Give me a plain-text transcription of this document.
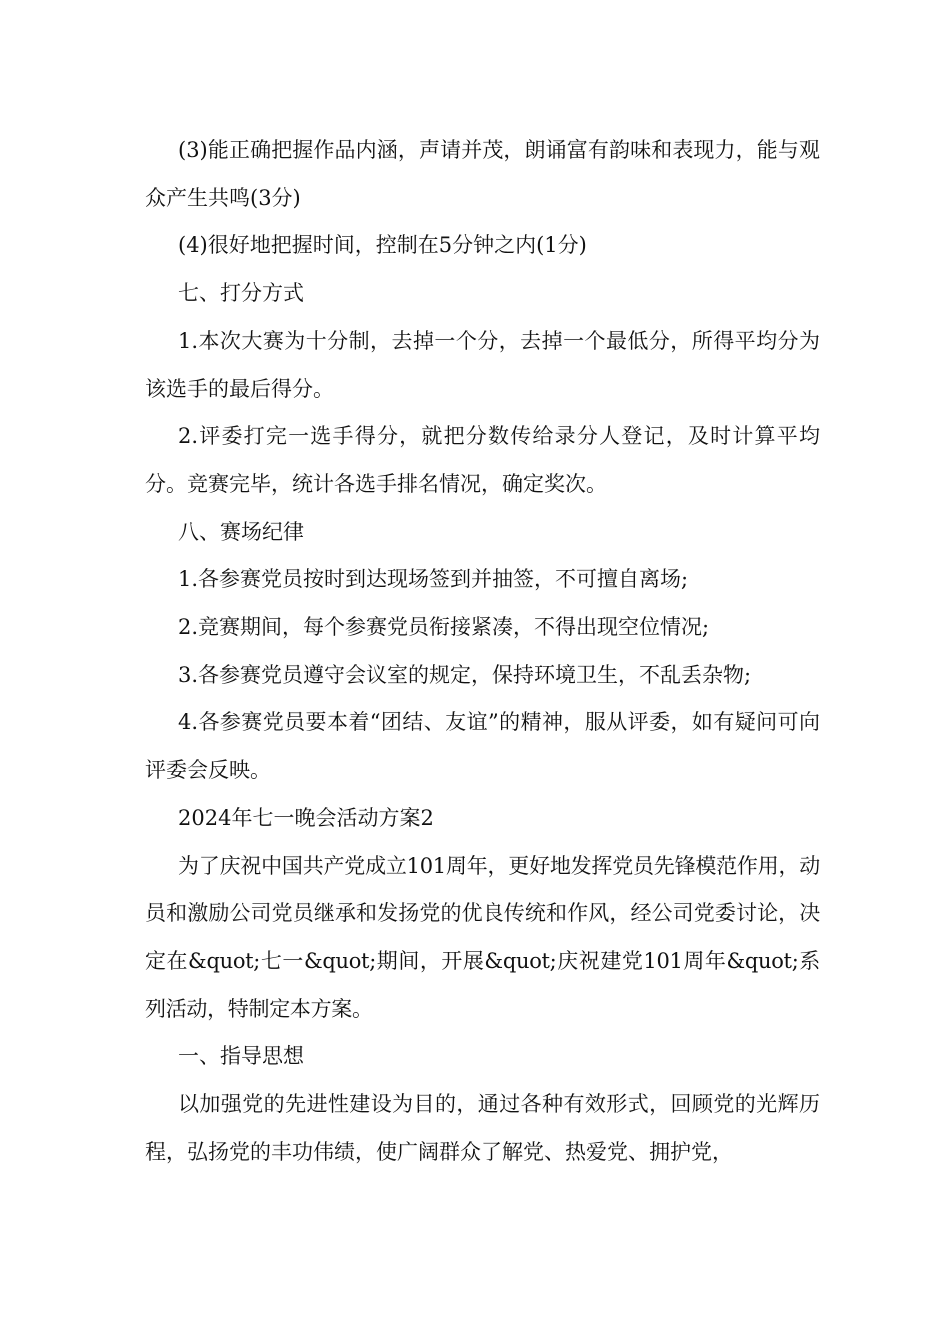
(3)能正确把握作品内涵，声请并茂，朗诵富有韵味和表现力，能与观众产生共鸣(3分)

(4)很好地把握时间，控制在5分钟之内(1分)

七、打分方式

1.本次大赛为十分制，去掉一个分，去掉一个最低分，所得平均分为该选手的最后得分。

2.评委打完一选手得分，就把分数传给录分人登记，及时计算平均分。竞赛完毕，统计各选手排名情况，确定奖次。

八、赛场纪律

1.各参赛党员按时到达现场签到并抽签，不可擅自离场;

2.竞赛期间，每个参赛党员衔接紧凑，不得出现空位情况;

3.各参赛党员遵守会议室的规定，保持环境卫生，不乱丢杂物;

4.各参赛党员要本着“团结、友谊”的精神，服从评委，如有疑问可向评委会反映。

2024年七一晚会活动方案2

为了庆祝中国共产党成立101周年，更好地发挥党员先锋模范作用，动员和激励公司党员继承和发扬党的优良传统和作风，经公司党委讨论，决定在&quot;七一&quot;期间，开展&quot;庆祝建党101周年&quot;系列活动，特制定本方案。

一、指导思想

以加强党的先进性建设为目的，通过各种有效形式，回顾党的光辉历程，弘扬党的丰功伟绩，使广阔群众了解党、热爱党、拥护党，
